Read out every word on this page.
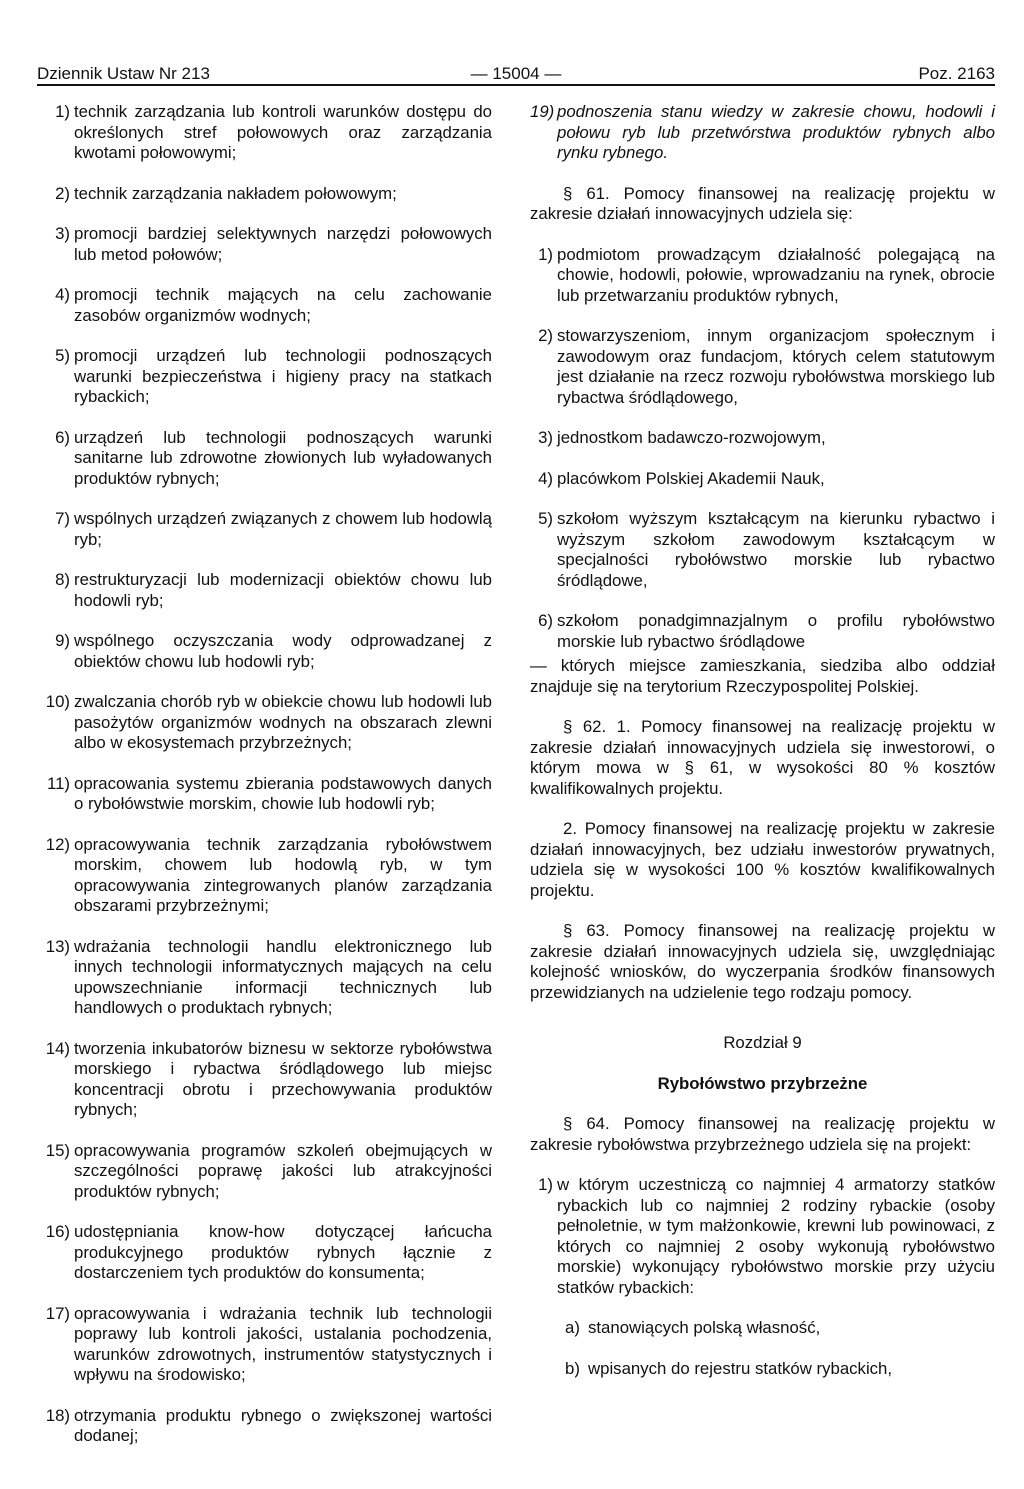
Dziennik Ustaw Nr 213	— 15004 —	Poz. 2163
1) technik zarządzania lub kontroli warunków dostępu do określonych stref połowowych oraz zarządzania kwotami połowowymi;
2) technik zarządzania nakładem połowowym;
3) promocji bardziej selektywnych narzędzi połowowych lub metod połowów;
4) promocji technik mających na celu zachowanie zasobów organizmów wodnych;
5) promocji urządzeń lub technologii podnoszących warunki bezpieczeństwa i higieny pracy na statkach rybackich;
6) urządzeń lub technologii podnoszących warunki sanitarne lub zdrowotne złowionych lub wyładowanych produktów rybnych;
7) wspólnych urządzeń związanych z chowem lub hodowlą ryb;
8) restrukturyzacji lub modernizacji obiektów chowu lub hodowli ryb;
9) wspólnego oczyszczania wody odprowadzanej z obiektów chowu lub hodowli ryb;
10) zwalczania chorób ryb w obiekcie chowu lub hodowli lub pasożytów organizmów wodnych na obszarach zlewni albo w ekosystemach przybrzeżnych;
11) opracowania systemu zbierania podstawowych danych o rybołówstwie morskim, chowie lub hodowli ryb;
12) opracowywania technik zarządzania rybołówstwem morskim, chowem lub hodowlą ryb, w tym opracowywania zintegrowanych planów zarządzania obszarami przybrzeżnymi;
13) wdrażania technologii handlu elektronicznego lub innych technologii informatycznych mających na celu upowszechnianie informacji technicznych lub handlowych o produktach rybnych;
14) tworzenia inkubatorów biznesu w sektorze rybołówstwa morskiego i rybactwa śródlądowego lub miejsc koncentracji obrotu i przechowywania produktów rybnych;
15) opracowywania programów szkoleń obejmujących w szczególności poprawę jakości lub atrakcyjności produktów rybnych;
16) udostępniania know-how dotyczącej łańcucha produkcyjnego produktów rybnych łącznie z dostarczeniem tych produktów do konsumenta;
17) opracowywania i wdrażania technik lub technologii poprawy lub kontroli jakości, ustalania pochodzenia, warunków zdrowotnych, instrumentów statystycznych i wpływu na środowisko;
18) otrzymania produktu rybnego o zwiększonej wartości dodanej;
19) podnoszenia stanu wiedzy w zakresie chowu, hodowli i połowu ryb lub przetwórstwa produktów rybnych albo rynku rybnego.
§ 61. Pomocy finansowej na realizację projektu w zakresie działań innowacyjnych udziela się:
1) podmiotom prowadzącym działalność polegającą na chowie, hodowli, połowie, wprowadzaniu na rynek, obrocie lub przetwarzaniu produktów rybnych,
2) stowarzyszeniom, innym organizacjom społecznym i zawodowym oraz fundacjom, których celem statutowym jest działanie na rzecz rozwoju rybołówstwa morskiego lub rybactwa śródlądowego,
3) jednostkom badawczo-rozwojowym,
4) placówkom Polskiej Akademii Nauk,
5) szkołom wyższym kształcącym na kierunku rybactwo i wyższym szkołom zawodowym kształcącym w specjalności rybołówstwo morskie lub rybactwo śródlądowe,
6) szkołom ponadgimnazjalnym o profilu rybołówstwo morskie lub rybactwo śródlądowe
— których miejsce zamieszkania, siedziba albo oddział znajduje się na terytorium Rzeczypospolitej Polskiej.
§ 62. 1. Pomocy finansowej na realizację projektu w zakresie działań innowacyjnych udziela się inwestorowi, o którym mowa w § 61, w wysokości 80 % kosztów kwalifikowalnych projektu.
2. Pomocy finansowej na realizację projektu w zakresie działań innowacyjnych, bez udziału inwestorów prywatnych, udziela się w wysokości 100 % kosztów kwalifikowalnych projektu.
§ 63. Pomocy finansowej na realizację projektu w zakresie działań innowacyjnych udziela się, uwzględniając kolejność wniosków, do wyczerpania środków finansowych przewidzianych na udzielenie tego rodzaju pomocy.
Rozdział 9
Rybołówstwo przybrzeżne
§ 64. Pomocy finansowej na realizację projektu w zakresie rybołówstwa przybrzeżnego udziela się na projekt:
1) w którym uczestniczą co najmniej 4 armatorzy statków rybackich lub co najmniej 2 rodziny rybackie (osoby pełnoletnie, w tym małżonkowie, krewni lub powinowaci, z których co najmniej 2 osoby wykonują rybołówstwo morskie) wykonujący rybołówstwo morskie przy użyciu statków rybackich:
a) stanowiących polską własność,
b) wpisanych do rejestru statków rybackich,
